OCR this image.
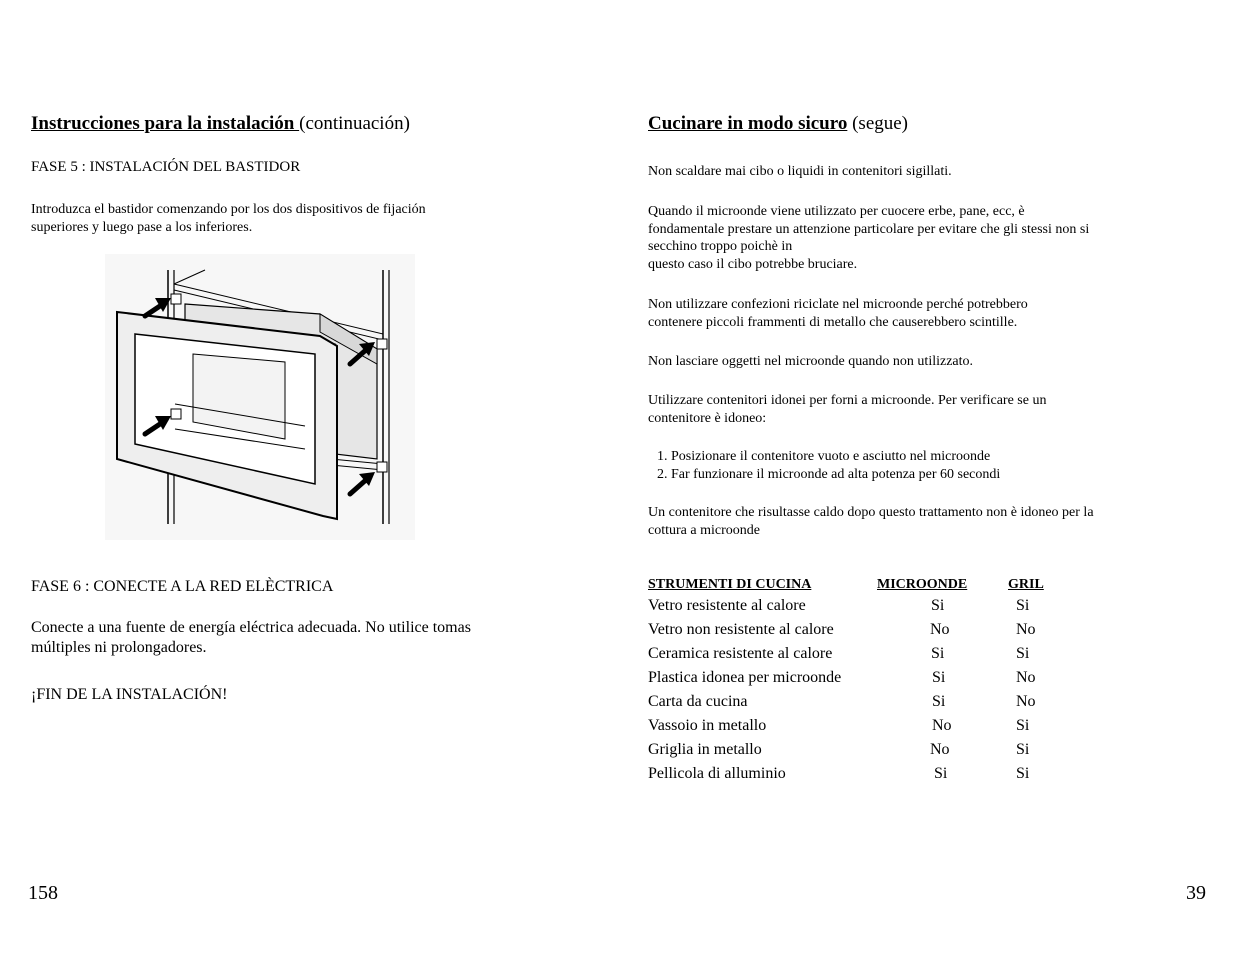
Instrucciones para la instalación (continuación)
FASE 5 : INSTALACIÓN DEL BASTIDOR
Introduzca el bastidor comenzando por los dos dispositivos de fijación
superiores y luego pase a los inferiores.
FASE 6 : CONECTE A LA RED ELÈCTRICA
Conecte a una fuente de energía eléctrica adecuada. No utilice tomas
múltiples ni prolongadores.
¡FIN DE LA INSTALACIÓN!
158
Cucinare in modo sicuro (segue)
Non scaldare mai cibo o liquidi in contenitori sigillati.
Quando il microonde viene utilizzato per cuocere erbe, pane, ecc, è
fondamentale prestare un attenzione particolare per evitare che gli stessi non si
secchino troppo poichè in
questo caso il cibo potrebbe bruciare.
Non utilizzare confezioni riciclate nel microonde perché potrebbero
contenere piccoli frammenti di metallo che causerebbero scintille.
Non lasciare oggetti nel microonde quando non utilizzato.
Utilizzare contenitori idonei per forni a microonde. Per verificare se un
contenitore è idoneo:
1. Posizionare il contenitore vuoto e asciutto nel microonde
2. Far funzionare il microonde ad alta potenza per 60 secondi
Un contenitore che risultasse caldo dopo questo trattamento non è idoneo per la
cottura a microonde
STRUMENTI DI CUCINA	MICROONDE	GRIL
Vetro resistente al calore	Si	Si
Vetro non resistente al calore	No	No
Ceramica resistente al calore	Si	Si
Plastica idonea per microonde	Si	No
Carta da cucina	Si	No
Vassoio in metallo	No	Si
Griglia in metallo	No	Si
Pellicola di alluminio	Si	Si
39
